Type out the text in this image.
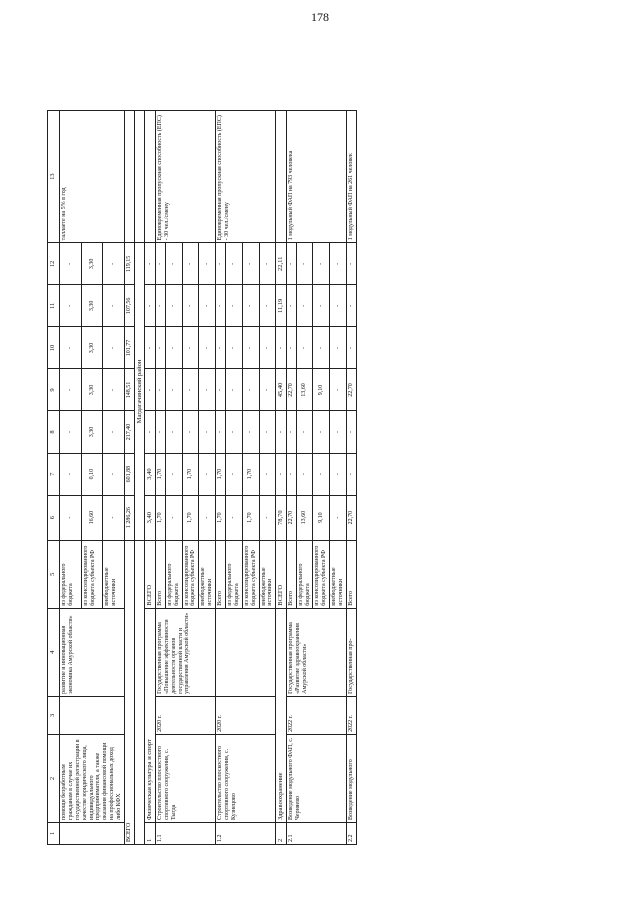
178
1	2	3	4	5	6	7	8	9	10	11	12	13
	помощи безработным гражданам в случае их государственной регистрации в качестве юридического лица, индивидуального предпринимателя, а также оказания финансовой помощи на профессиональных доход либо КФХ		развитие и инновационная экономика Амурской области»	из федерального бюджета	-	-	-	-	-	-	-	таллаете на 5% в год
				из консолидированного бюджета субъекта РФ	16,60	0,10	3,30	3,30	3,30	3,30	3,30	
				внебюджетные источники	-	-	-	-	-	-	-	
ВСЕГО					1 286,26	601,88	217,40	148,51	101,77	107,56	119,15	
					Магдагачинский район							
1	Физическая культура и спорт			ВСЕГО	3,40	3,40	-	-	-	-	-	
1.1	Строительство плоскостного спортивного сооружения, с. Тыгда	2020 г.	Государственная программа «Повышение эффективности деятельности органов государственной власти и управления Амурской области»	Всего	1,70	1,70	-	-	-	-	-	Единовременная пропускная способность (ЕПС) - 30 чел./смену
				из федерального бюджета	-	-	-	-	-	-	-	
				из консолидированного бюджета субъекта РФ	1,70	1,70	-	-	-	-	-	
				внебюджетные источники	-	-	-	-	-	-	-	
1.2	Строительство плоскостного спортивного сооружения, с. Кузнецово	2020 г.		Всего	1,70	1,70	-	-	-	-	-	Единовременная пропускная способность (ЕПС) - 30 чел./смену
				из федерального бюджета	-	-	-	-	-	-	-	
				из консолидированного бюджета субъекта РФ	1,70	1,70	-	-	-	-	-	
				внебюджетные источники	-	-	-	-	-	-	-	
2	Здравоохранение			ВСЕГО	78,70	-	-	45,40	-	11,19	22,11	
2.1	Возведение модульного ФАП, с. Черняево	2022 г.	Государственная программа «Развитие здравоохранения Амурской области»	Всего	22,70	-	-	22,70	-	-	-	1 модульный ФАП на 793 человека
				из федерального бюджета	13,60	-	-	13,60	-	-	-	
				из консолидированного бюджета субъекта РФ	9,10	-	-	9,10	-	-	-	
				внебюджетные источники	-	-	-	-	-	-	-	
2.2	Возведение модульного	2022 г.	Государственная про-	Всего	22,70	-	-	22,70	-	-	-	1 модульный ФАП на 261 человек
